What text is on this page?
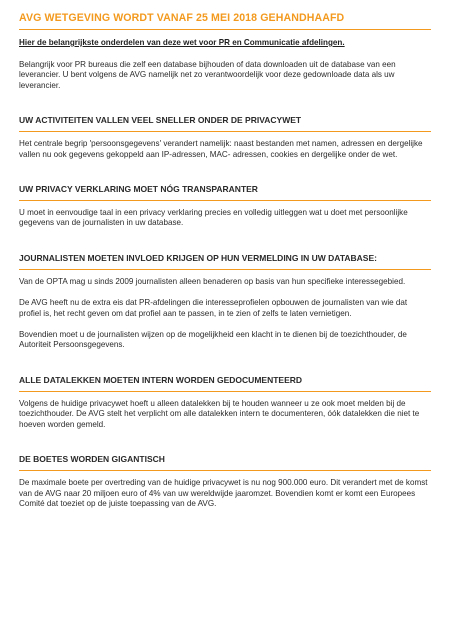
AVG WETGEVING WORDT VANAF 25 MEI 2018 GEHANDHAAFD
Hier de belangrijkste onderdelen van deze wet voor PR en Communicatie afdelingen.

Belangrijk voor PR bureaus die zelf een database bijhouden of data downloaden uit de database van een leverancier. U bent volgens de AVG namelijk net zo verantwoordelijk voor deze gedownloade data als uw leverancier.

UW ACTIVITEITEN VALLEN VEEL SNELLER ONDER DE PRIVACYWET

Het centrale begrip 'persoonsgegevens' verandert namelijk: naast bestanden met namen, adressen en dergelijke vallen nu ook gegevens gekoppeld aan IP-adressen, MAC- adressen, cookies en dergelijke onder de wet.

UW PRIVACY VERKLARING MOET NÓG TRANSPARANTER

U moet in eenvoudige taal in een privacy verklaring precies en volledig uitleggen wat u doet met persoonlijke gegevens van de journalisten in uw database.

JOURNALISTEN MOETEN INVLOED KRIJGEN OP HUN VERMELDING IN UW DATABASE:

Van de OPTA mag u sinds 2009 journalisten alleen benaderen op basis van hun specifieke interessegebied.

De AVG heeft nu de extra eis dat PR-afdelingen die interesseprofielen opbouwen de journalisten van wie dat profiel is, het recht geven om dat profiel aan te passen, in te zien of zelfs te laten vernietigen.

Bovendien moet u de journalisten wijzen op de mogelijkheid een klacht in te dienen bij de toezichthouder, de Autoriteit Persoonsgegevens.

ALLE DATALEKKEN MOETEN INTERN WORDEN GEDOCUMENTEERD

Volgens de huidige privacywet hoeft u alleen datalekken bij te houden wanneer u ze ook moet melden bij de toezichthouder. De AVG stelt het verplicht om alle datalekken intern te documenteren, óók datalekken die niet te hoeven worden gemeld.

DE BOETES WORDEN GIGANTISCH

De maximale boete per overtreding van de huidige privacywet is nu nog 900.000 euro. Dit verandert met de komst van de AVG naar 20 miljoen euro of 4% van uw wereldwijde jaaromzet. Bovendien komt er komt een Europees Comité dat toeziet op de juiste toepassing van de AVG.
